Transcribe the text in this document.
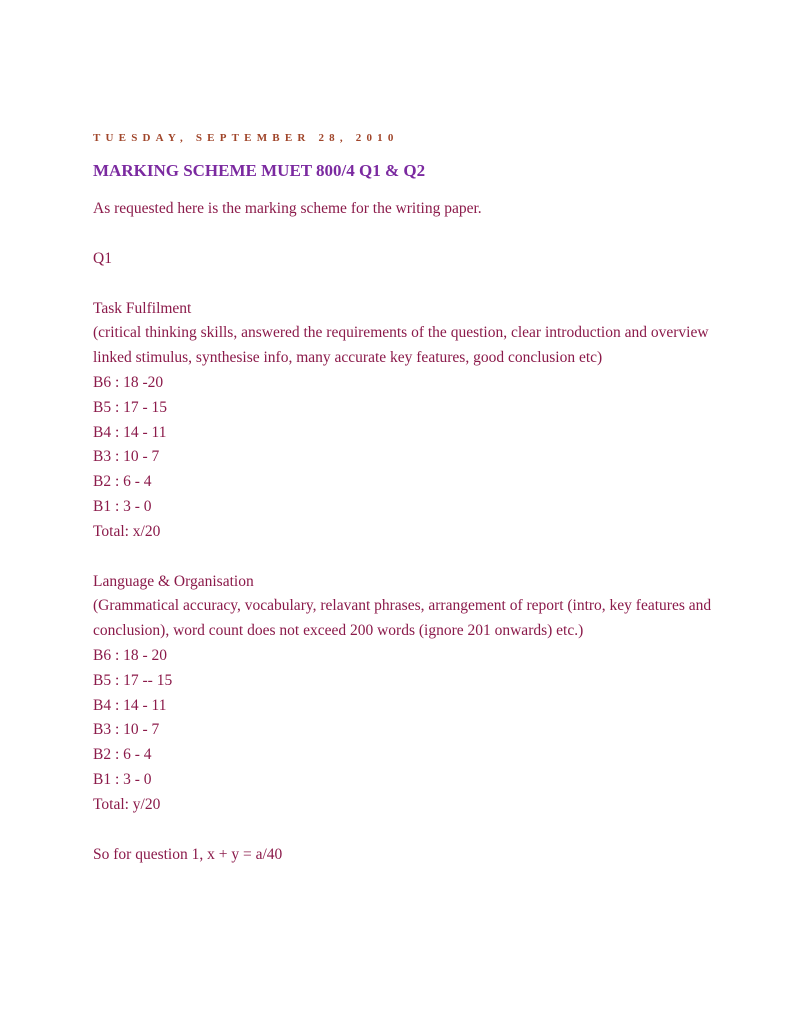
TUESDAY, SEPTEMBER 28, 2010
MARKING SCHEME MUET 800/4 Q1 & Q2

As requested here is the marking scheme for the writing paper.

Q1

Task Fulfilment
(critical thinking skills, answered the requirements of the question, clear introduction and overview linked stimulus, synthesise info, many accurate key features, good conclusion etc)
B6 : 18 -20
B5 : 17 - 15
B4 : 14 - 11
B3 : 10 - 7
B2 : 6 - 4
B1 : 3 - 0
Total: x/20
Language & Organisation
(Grammatical accuracy, vocabulary, relavant phrases, arrangement of report (intro, key features and conclusion), word count does not exceed 200 words (ignore 201 onwards) etc.)
B6 : 18 - 20
B5 : 17 -- 15
B4 : 14 - 11
B3 : 10 - 7
B2 : 6 - 4
B1 : 3 - 0
Total: y/20

So for question 1, x + y = a/40
